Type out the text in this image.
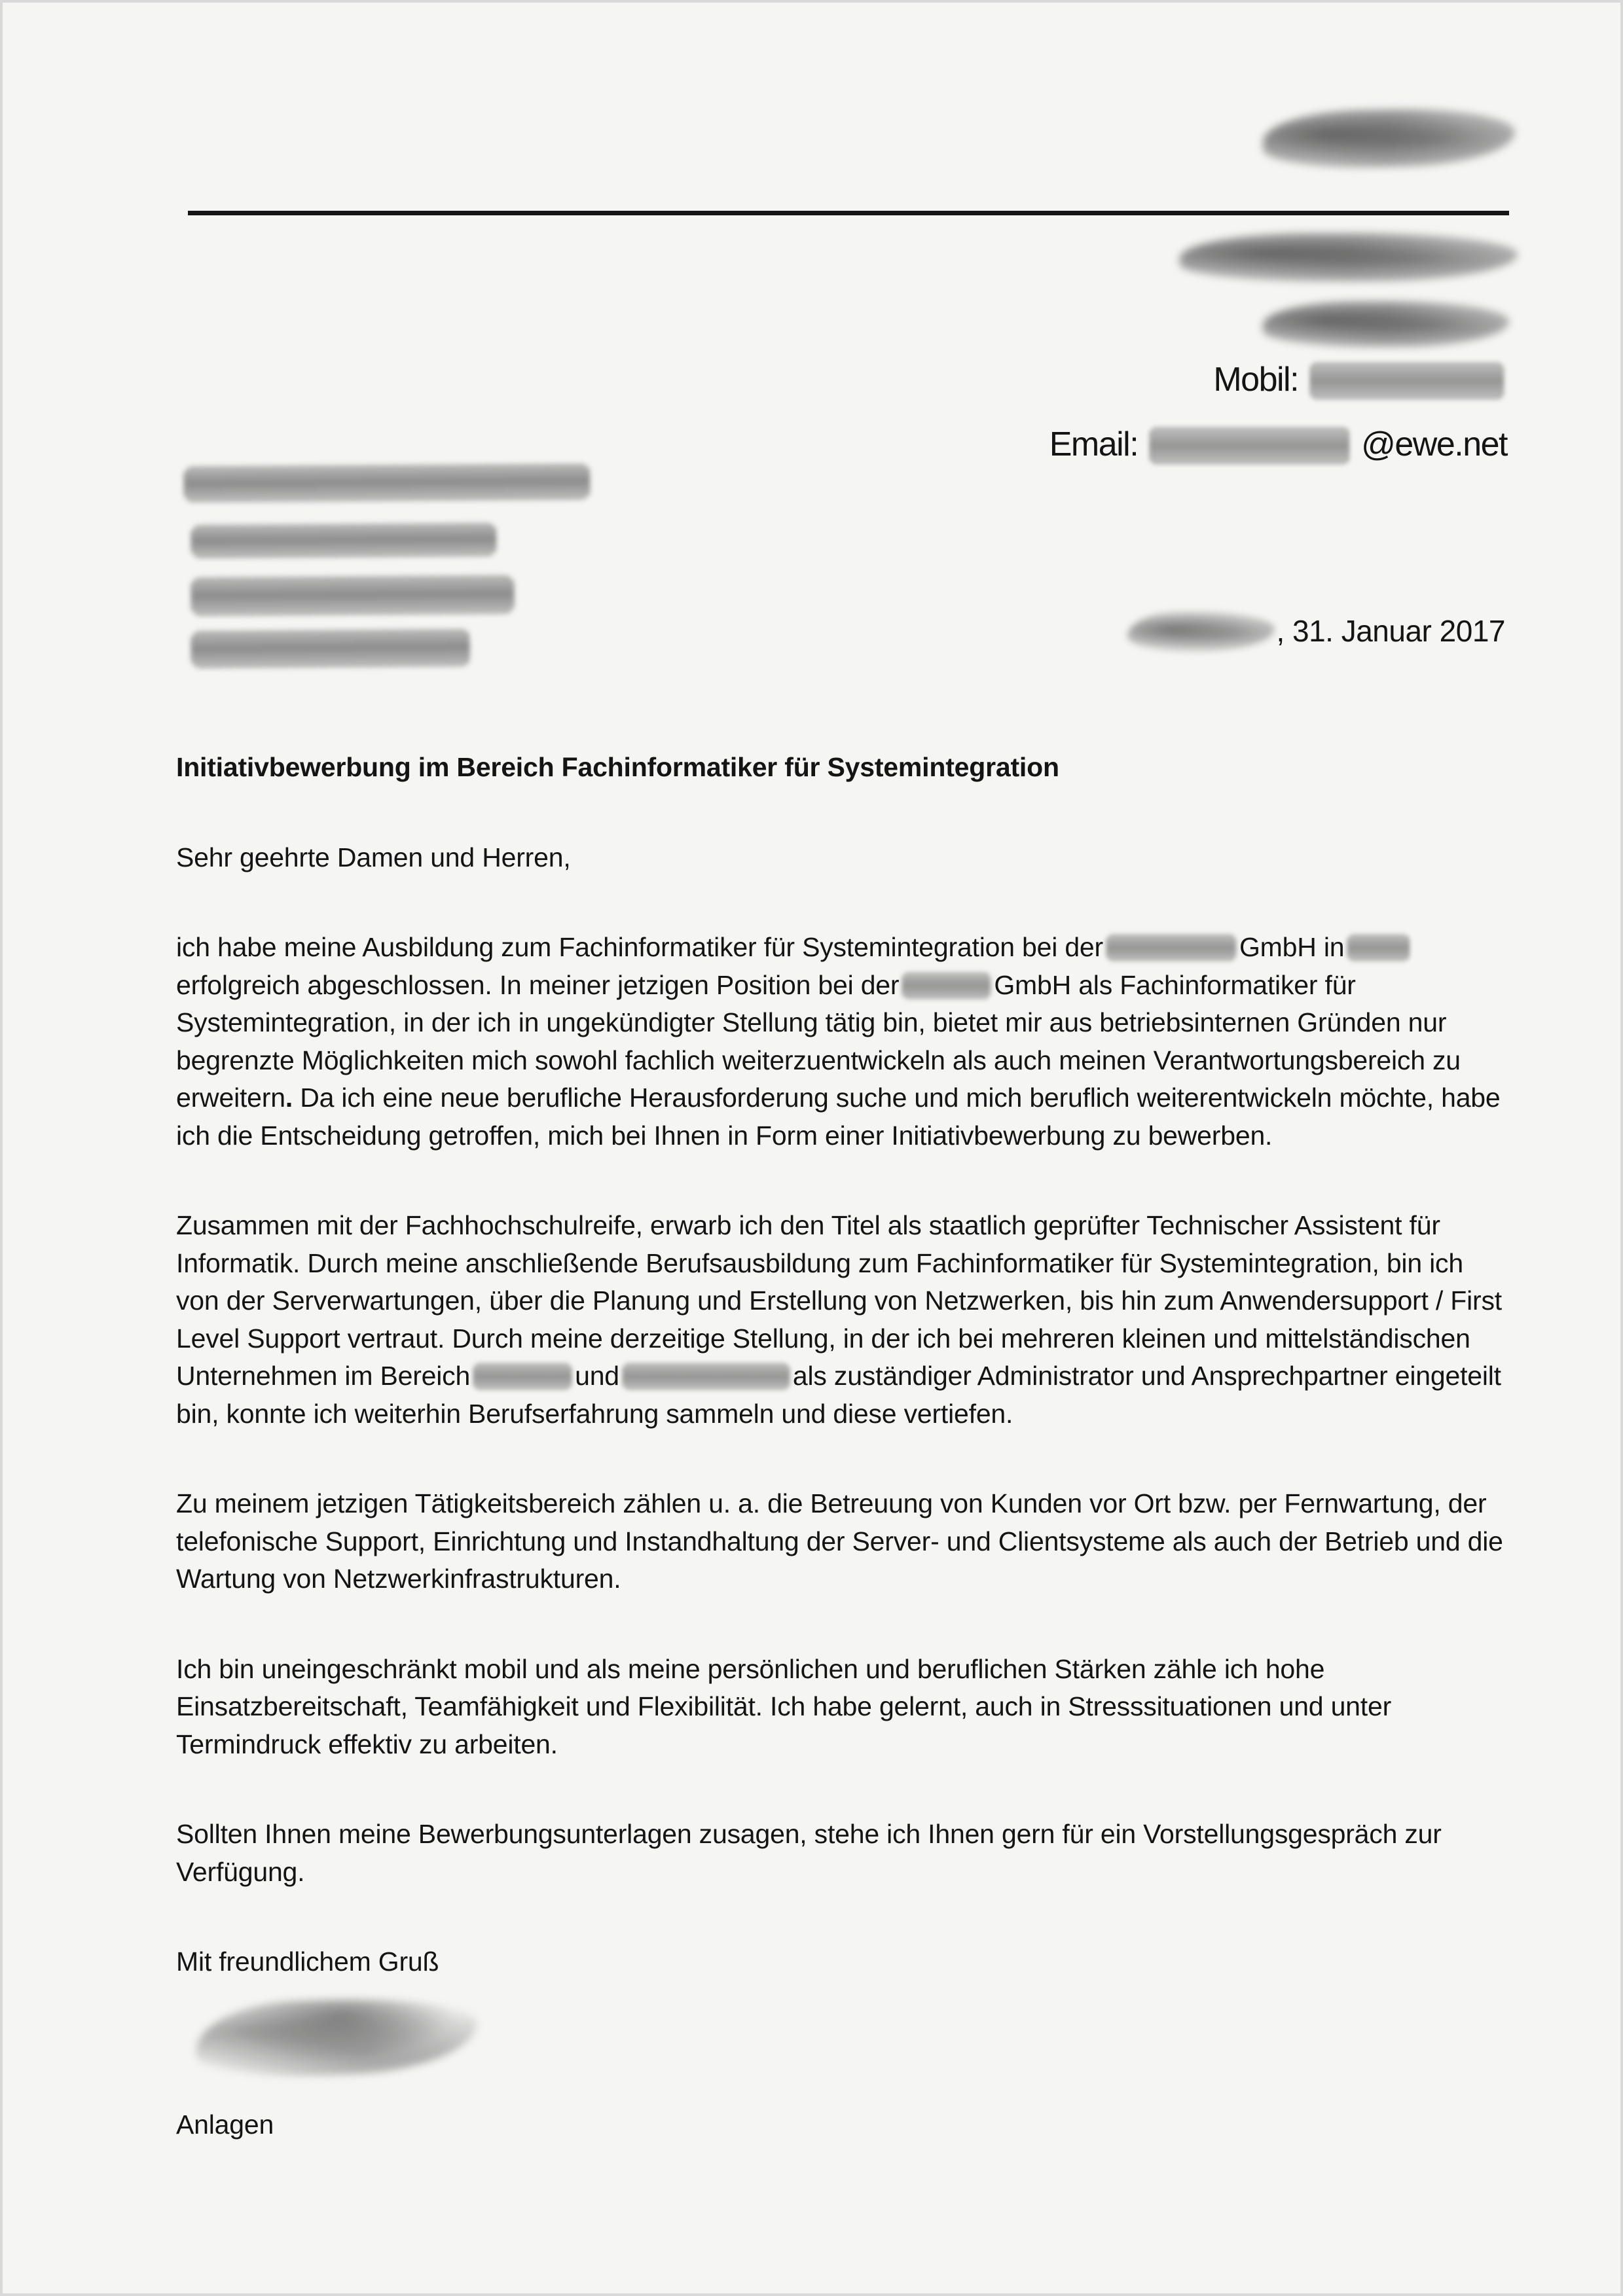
Mobil:
Email:	@ewe.net
, 31. Januar 2017

Initiativbewerbung im Bereich Fachinformatiker für Systemintegration

Sehr geehrte Damen und Herren,

ich habe meine Ausbildung zum Fachinformatiker für Systemintegration bei der	GmbH inerfolgreich abgeschlossen. In meiner jetzigen Position bei der	GmbH als Fachinformatiker für Systemintegration, in der ich in ungekündigter Stellung tätig bin, bietet mir aus betriebsinternen Gründen nur begrenzte Möglichkeiten mich sowohl fachlich weiterzuentwickeln als auch meinen Verantwortungsbereich zu erweitern. Da ich eine neue berufliche Herausforderung suche und mich beruflich weiterentwickeln möchte, habe ich die Entscheidung getroffen, mich bei Ihnen in Form einer Initiativbewerbung zu bewerben.

Zusammen mit der Fachhochschulreife, erwarb ich den Titel als staatlich geprüfter Technischer Assistent für Informatik. Durch meine anschließende Berufsausbildung zum Fachinformatiker für Systemintegration, bin ich von der Serverwartungen, über die Planung und Erstellung von Netzwerken, bis hin zum Anwendersupport / First Level Support vertraut. Durch meine derzeitige Stellung, in der ich bei mehreren kleinen und mittelständischen Unternehmen im Bereich	und	als zuständiger Administrator und Ansprechpartner eingeteilt bin, konnte ich weiterhin Berufserfahrung sammeln und diese vertiefen.

Zu meinem jetzigen Tätigkeitsbereich zählen u. a. die Betreuung von Kunden vor Ort bzw. per Fernwartung, der telefonische Support, Einrichtung und Instandhaltung der Server- und Clientsysteme als auch der Betrieb und die Wartung von Netzwerkinfrastrukturen.

Ich bin uneingeschränkt mobil und als meine persönlichen und beruflichen Stärken zähle ich hohe Einsatzbereitschaft, Teamfähigkeit und Flexibilität. Ich habe gelernt, auch in Stresssituationen und unter Termindruck effektiv zu arbeiten.

Sollten Ihnen meine Bewerbungsunterlagen zusagen, stehe ich Ihnen gern für ein Vorstellungsgespräch zur Verfügung.

Mit freundlichem Gruß

Anlagen
